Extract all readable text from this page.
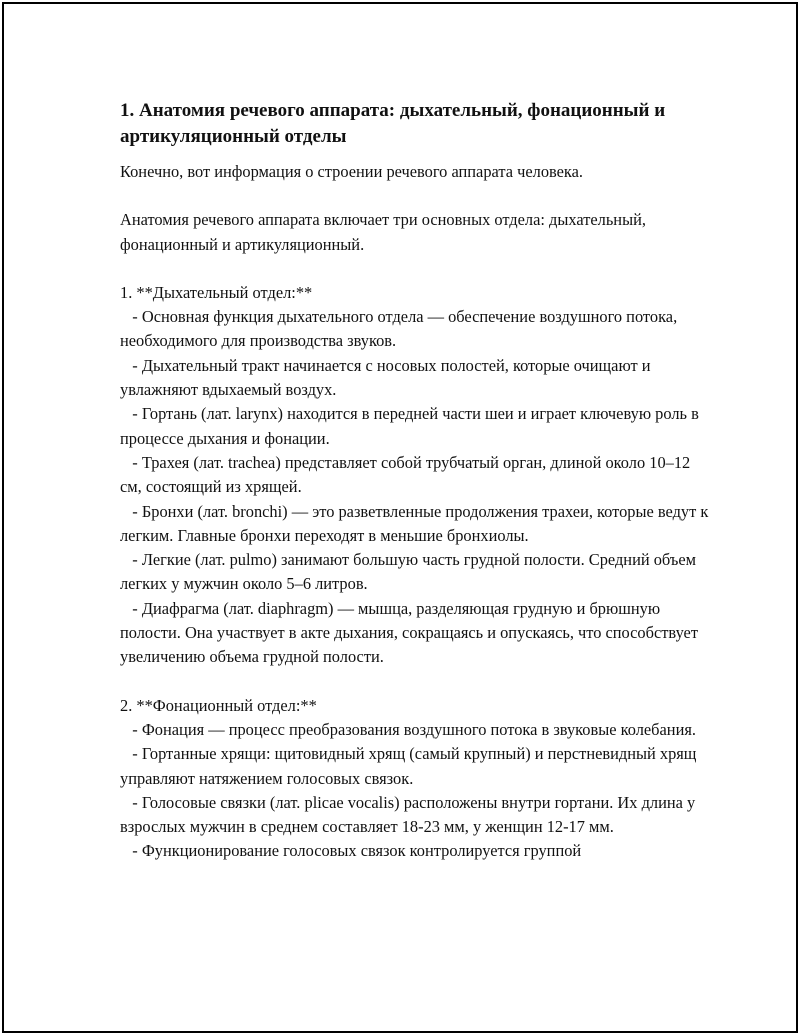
1. Анатомия речевого аппарата: дыхательный, фонационный и артикуляционный отделы

Конечно, вот информация о строении речевого аппарата человека.

Анатомия речевого аппарата включает три основных отдела: дыхательный, фонационный и артикуляционный.

1. **Дыхательный отдел:**
- Основная функция дыхательного отдела — обеспечение воздушного потока, необходимого для производства звуков.
- Дыхательный тракт начинается с носовых полостей, которые очищают и увлажняют вдыхаемый воздух.
- Гортань (лат. larynx) находится в передней части шеи и играет ключевую роль в процессе дыхания и фонации.
- Трахея (лат. trachea) представляет собой трубчатый орган, длиной около 10–12 см, состоящий из хрящей.
- Бронхи (лат. bronchi) — это разветвленные продолжения трахеи, которые ведут к легким. Главные бронхи переходят в меньшие бронхиолы.
- Легкие (лат. pulmo) занимают большую часть грудной полости. Средний объем легких у мужчин около 5–6 литров.
- Диафрагма (лат. diaphragm) — мышца, разделяющая грудную и брюшную полости. Она участвует в акте дыхания, сокращаясь и опускаясь, что способствует увеличению объема грудной полости.

2. **Фонационный отдел:**
- Фонация — процесс преобразования воздушного потока в звуковые колебания.
- Гортанные хрящи: щитовидный хрящ (самый крупный) и перстневидный хрящ управляют натяжением голосовых связок.
- Голосовые связки (лат. plicae vocalis) расположены внутри гортани. Их длина у взрослых мужчин в среднем составляет 18-23 мм, у женщин 12-17 мм.
- Функционирование голосовых связок контролируется группой
